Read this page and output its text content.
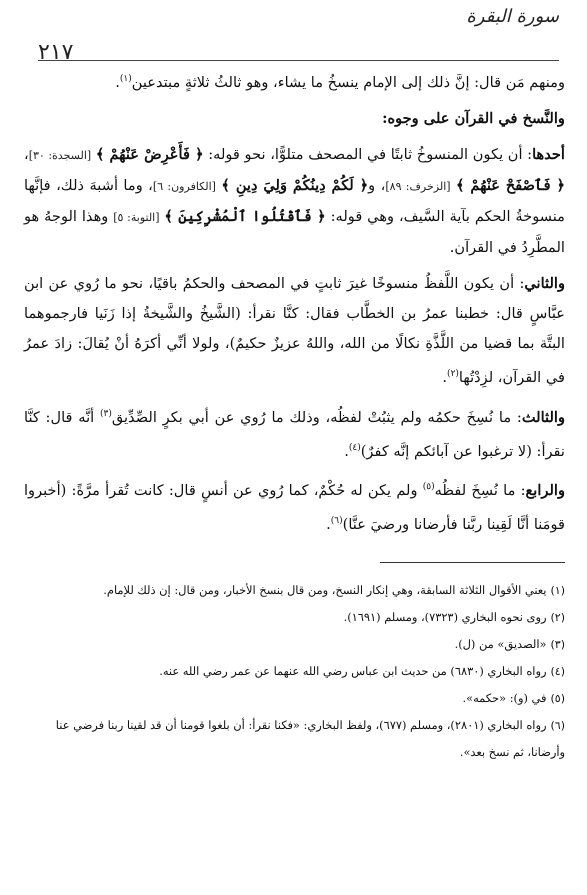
سورة البقرة
٢١٧

ومنهم مَن قال: إنَّ ذلك إلى الإمام ينسخُ ما يشاء، وهو ثالثُ ثلاثةٍ مبتدعين$^{(١)}$.

والنَّسخ في القرآن على وجوه:

أحدها: أن يكون المنسوخُ ثابتًا في المصحف متلوًّا، نحو قوله: ﴿ فَأَعْرِضْ عَنْهُمْ ﴾ [السجدة: ٣٠]، ﴿ فَٱصْفَحْ عَنْهُمْ ﴾ [الزخرف: ٨٩]، و﴿ لَكُمْ دِينُكُمْ وَلِيَ دِينِ ﴾ [الكافرون: ٦]، وما أشبهَ ذلك، فإنَّها منسوخةُ الحكم بآية السَّيف، وهي قوله: ﴿ فَٱقْتُلُوا ٱلْمُشْرِكِينَ ﴾ [التوبة: ٥] وهذا الوجهُ هو المطَّرِدُ في القرآن.

والثاني: أن يكون اللَّفظُ منسوخًا غيرَ ثابتٍ في المصحف والحكمُ باقيًا، نحو ما رُوي عن ابن عبَّاسٍ قال: خطبنا عمرُ بن الخطَّاب فقال: كنَّا نقرأ: (الشَّيخُ والشَّيخةُ إذا زَنَيا فارجموهما البتَّة بما قضيا من اللَّذَّةِ نكالًا من الله، واللهُ عزيزٌ حكيمٌ)، ولولا أنِّي أكرَهُ أنْ يُقالَ: زادَ عمرُ في القرآن، لزِدْتُها$^{(٢)}$.

والثالث: ما نُسِخَ حكمُه ولم يثبُتْ لفظُه، وذلك ما رُوي عن أبي بكرٍ الصِّدِّيق$^{(٣)}$ أنَّه قال: كنَّا نقرأ: (لا ترغبوا عن آبائكم إنَّه كفرٌ)$^{(٤)}$.

والرابع: ما نُسِخَ لفظُه$^{(٥)}$ ولم يكن له حُكْمٌ، كما رُوي عن أنسٍ قال: كانت تُقرأ مرَّةً: (أخبروا قومَنا أنَّا لَقِينا ربَّنا فأرضانا ورضيَ عنَّا)$^{(٦)}$.

(١)يعني الأقوال الثلاثة السابقة، وهي إنكار النسخ، ومن قال بنسخ الأخبار، ومن قال: إن ذلك للإمام.

(٢)روى نحوه البخاري (٧٣٢٣)، ومسلم (١٦٩١).

(٣)«الصديق» من (ل).

(٤)رواه البخاري (٦٨٣٠) من حديث ابن عباس رضي الله عنهما عن عمر رضي الله عنه.

(٥)في (و): «حكمه».

(٦)رواه البخاري (٢٨٠١)، ومسلم (٦٧٧)، ولفظ البخاري: «فكنا نقرأ: أن بلغوا قومنا أن قد لقينا ربنا فرضي عنا وأرضانا، ثم نسخ بعد».
